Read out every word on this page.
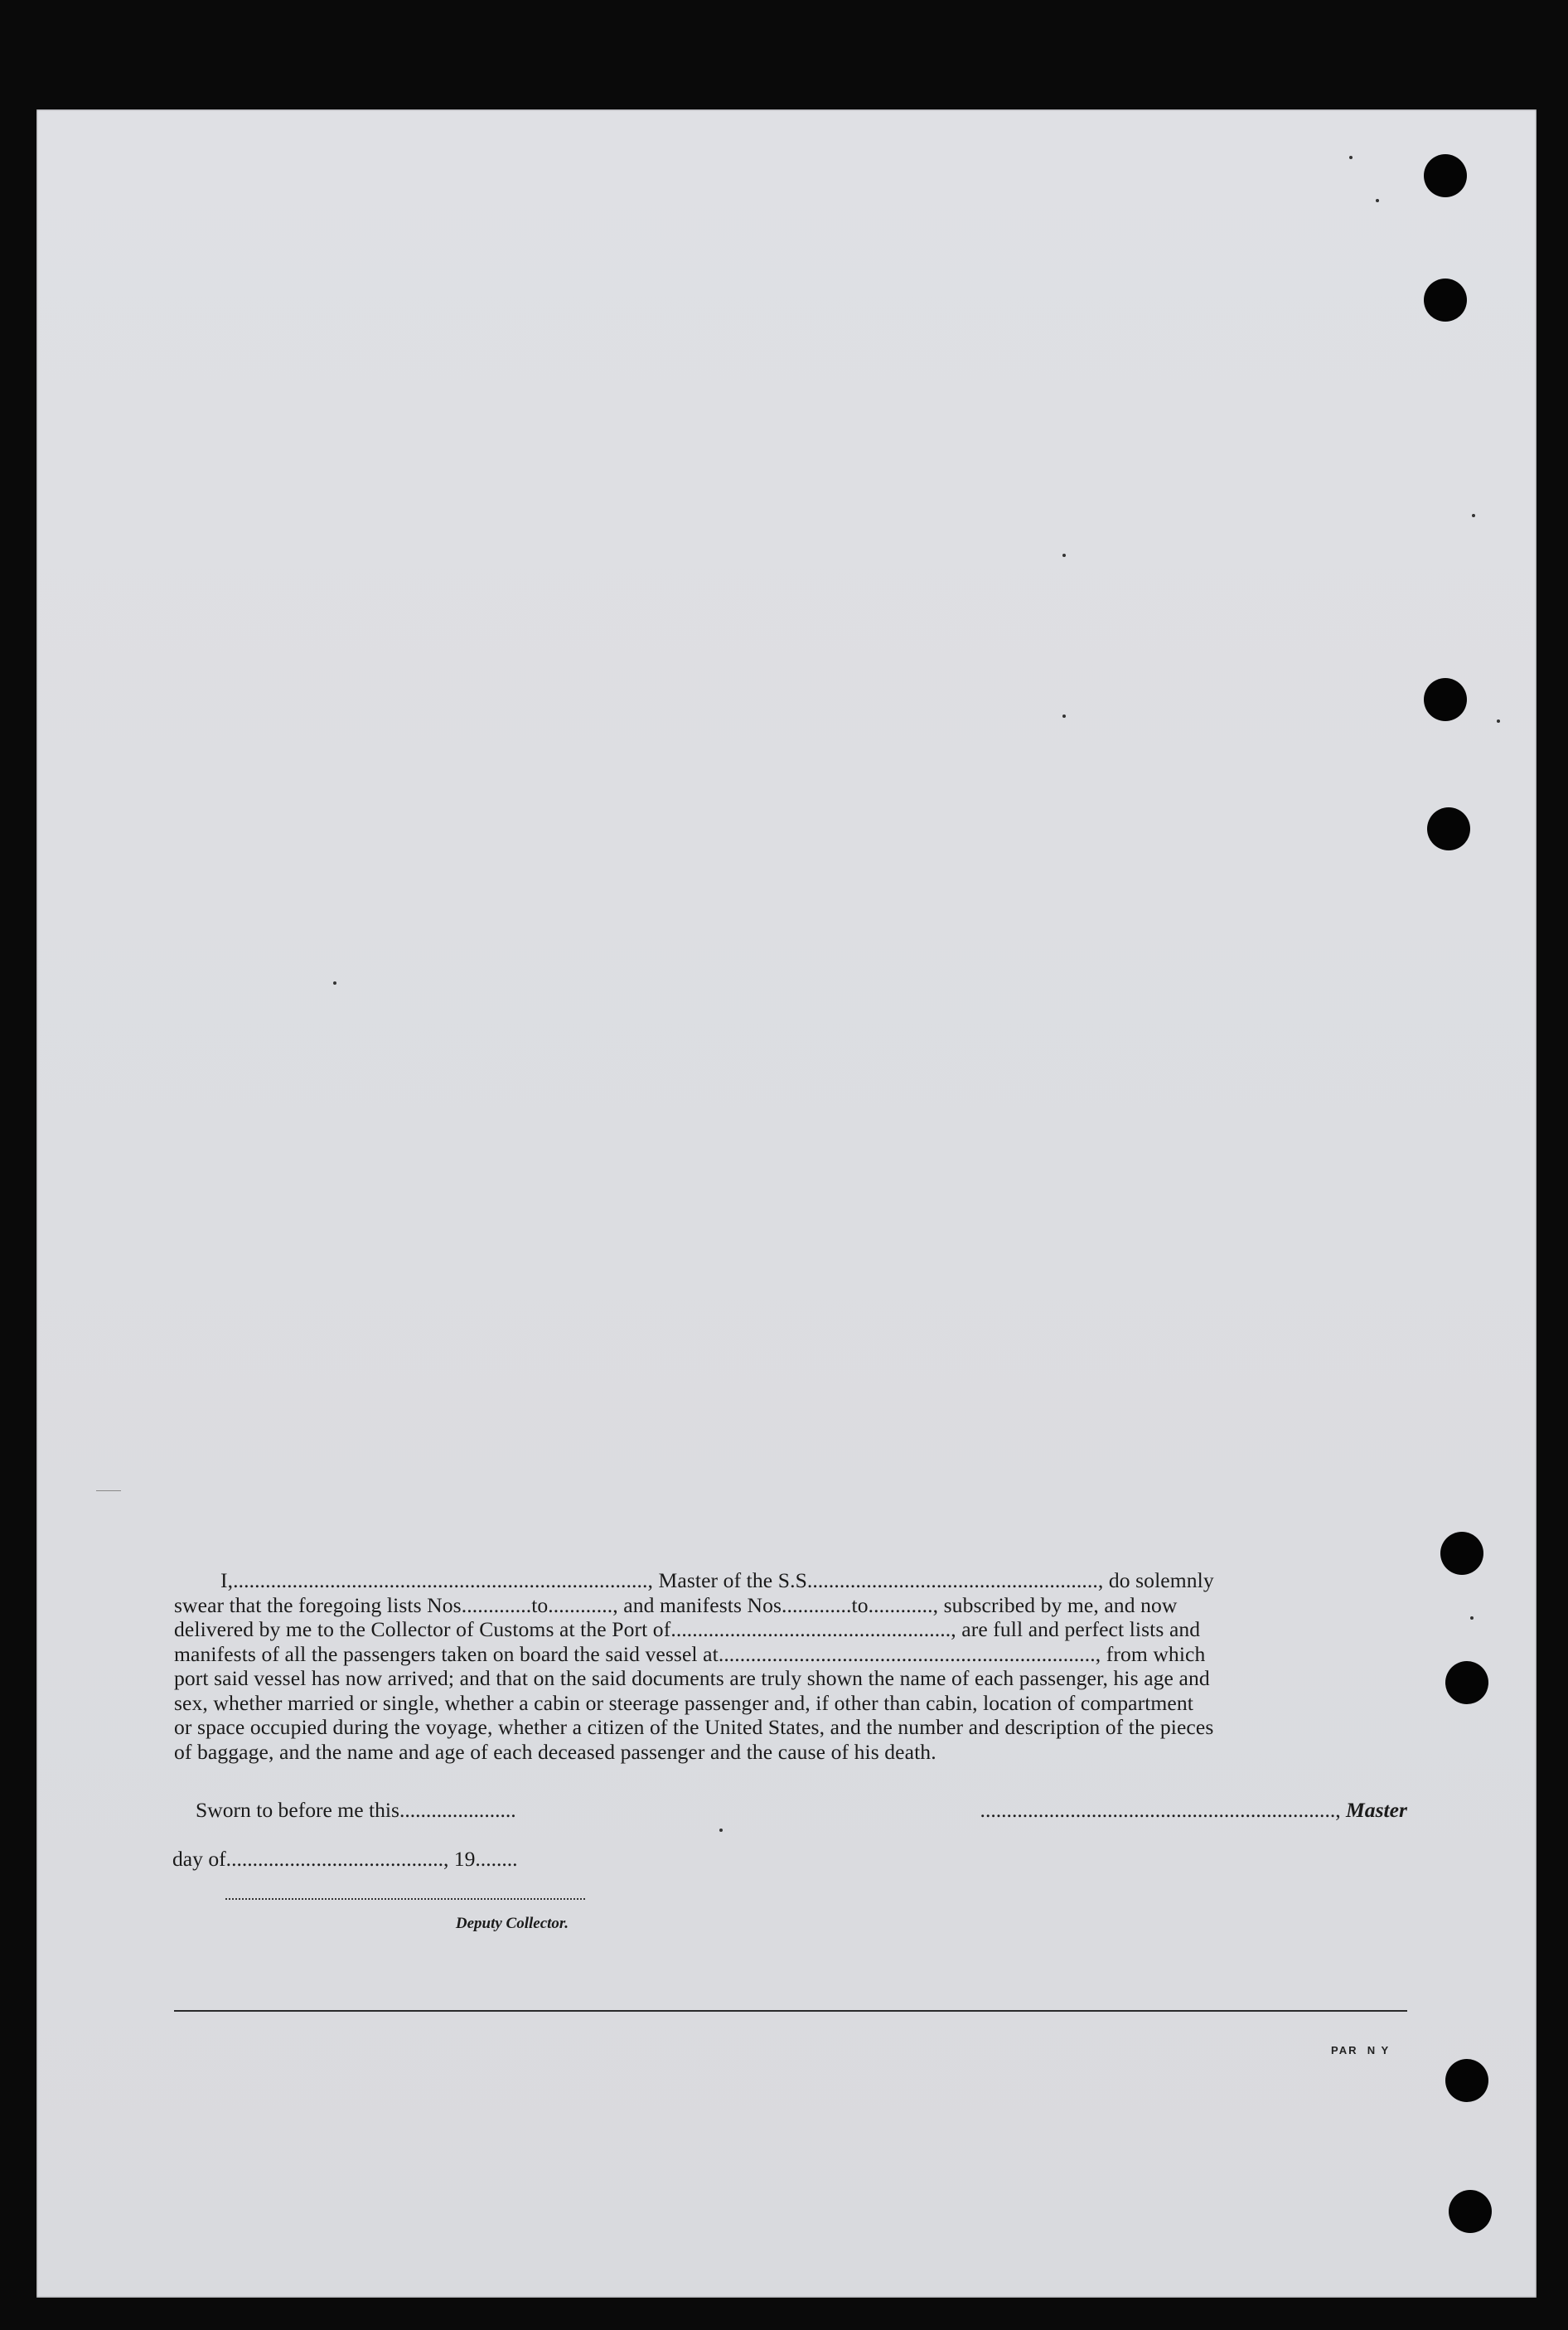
I,............................................................................., Master of the S.S......................................................, do solemnly
swear that the foregoing lists Nos.............to............, and manifests Nos.............to............, subscribed by me, and now
delivered by me to the Collector of Customs at the Port of...................................................., are full and perfect lists and
manifests of all the passengers taken on board the said vessel at......................................................................, from which
port said vessel has now arrived; and that on the said documents are truly shown the name of each passenger, his age and
sex, whether married or single, whether a cabin or steerage passenger and, if other than cabin, location of compartment
or space occupied during the voyage, whether a citizen of the United States, and the number and description of the pieces
of baggage, and the name and age of each deceased passenger and the cause of his death.
Sworn to before me this......................	..................................................................., Master
day of........................................., 19........
Deputy Collector.
PAR  N Y
